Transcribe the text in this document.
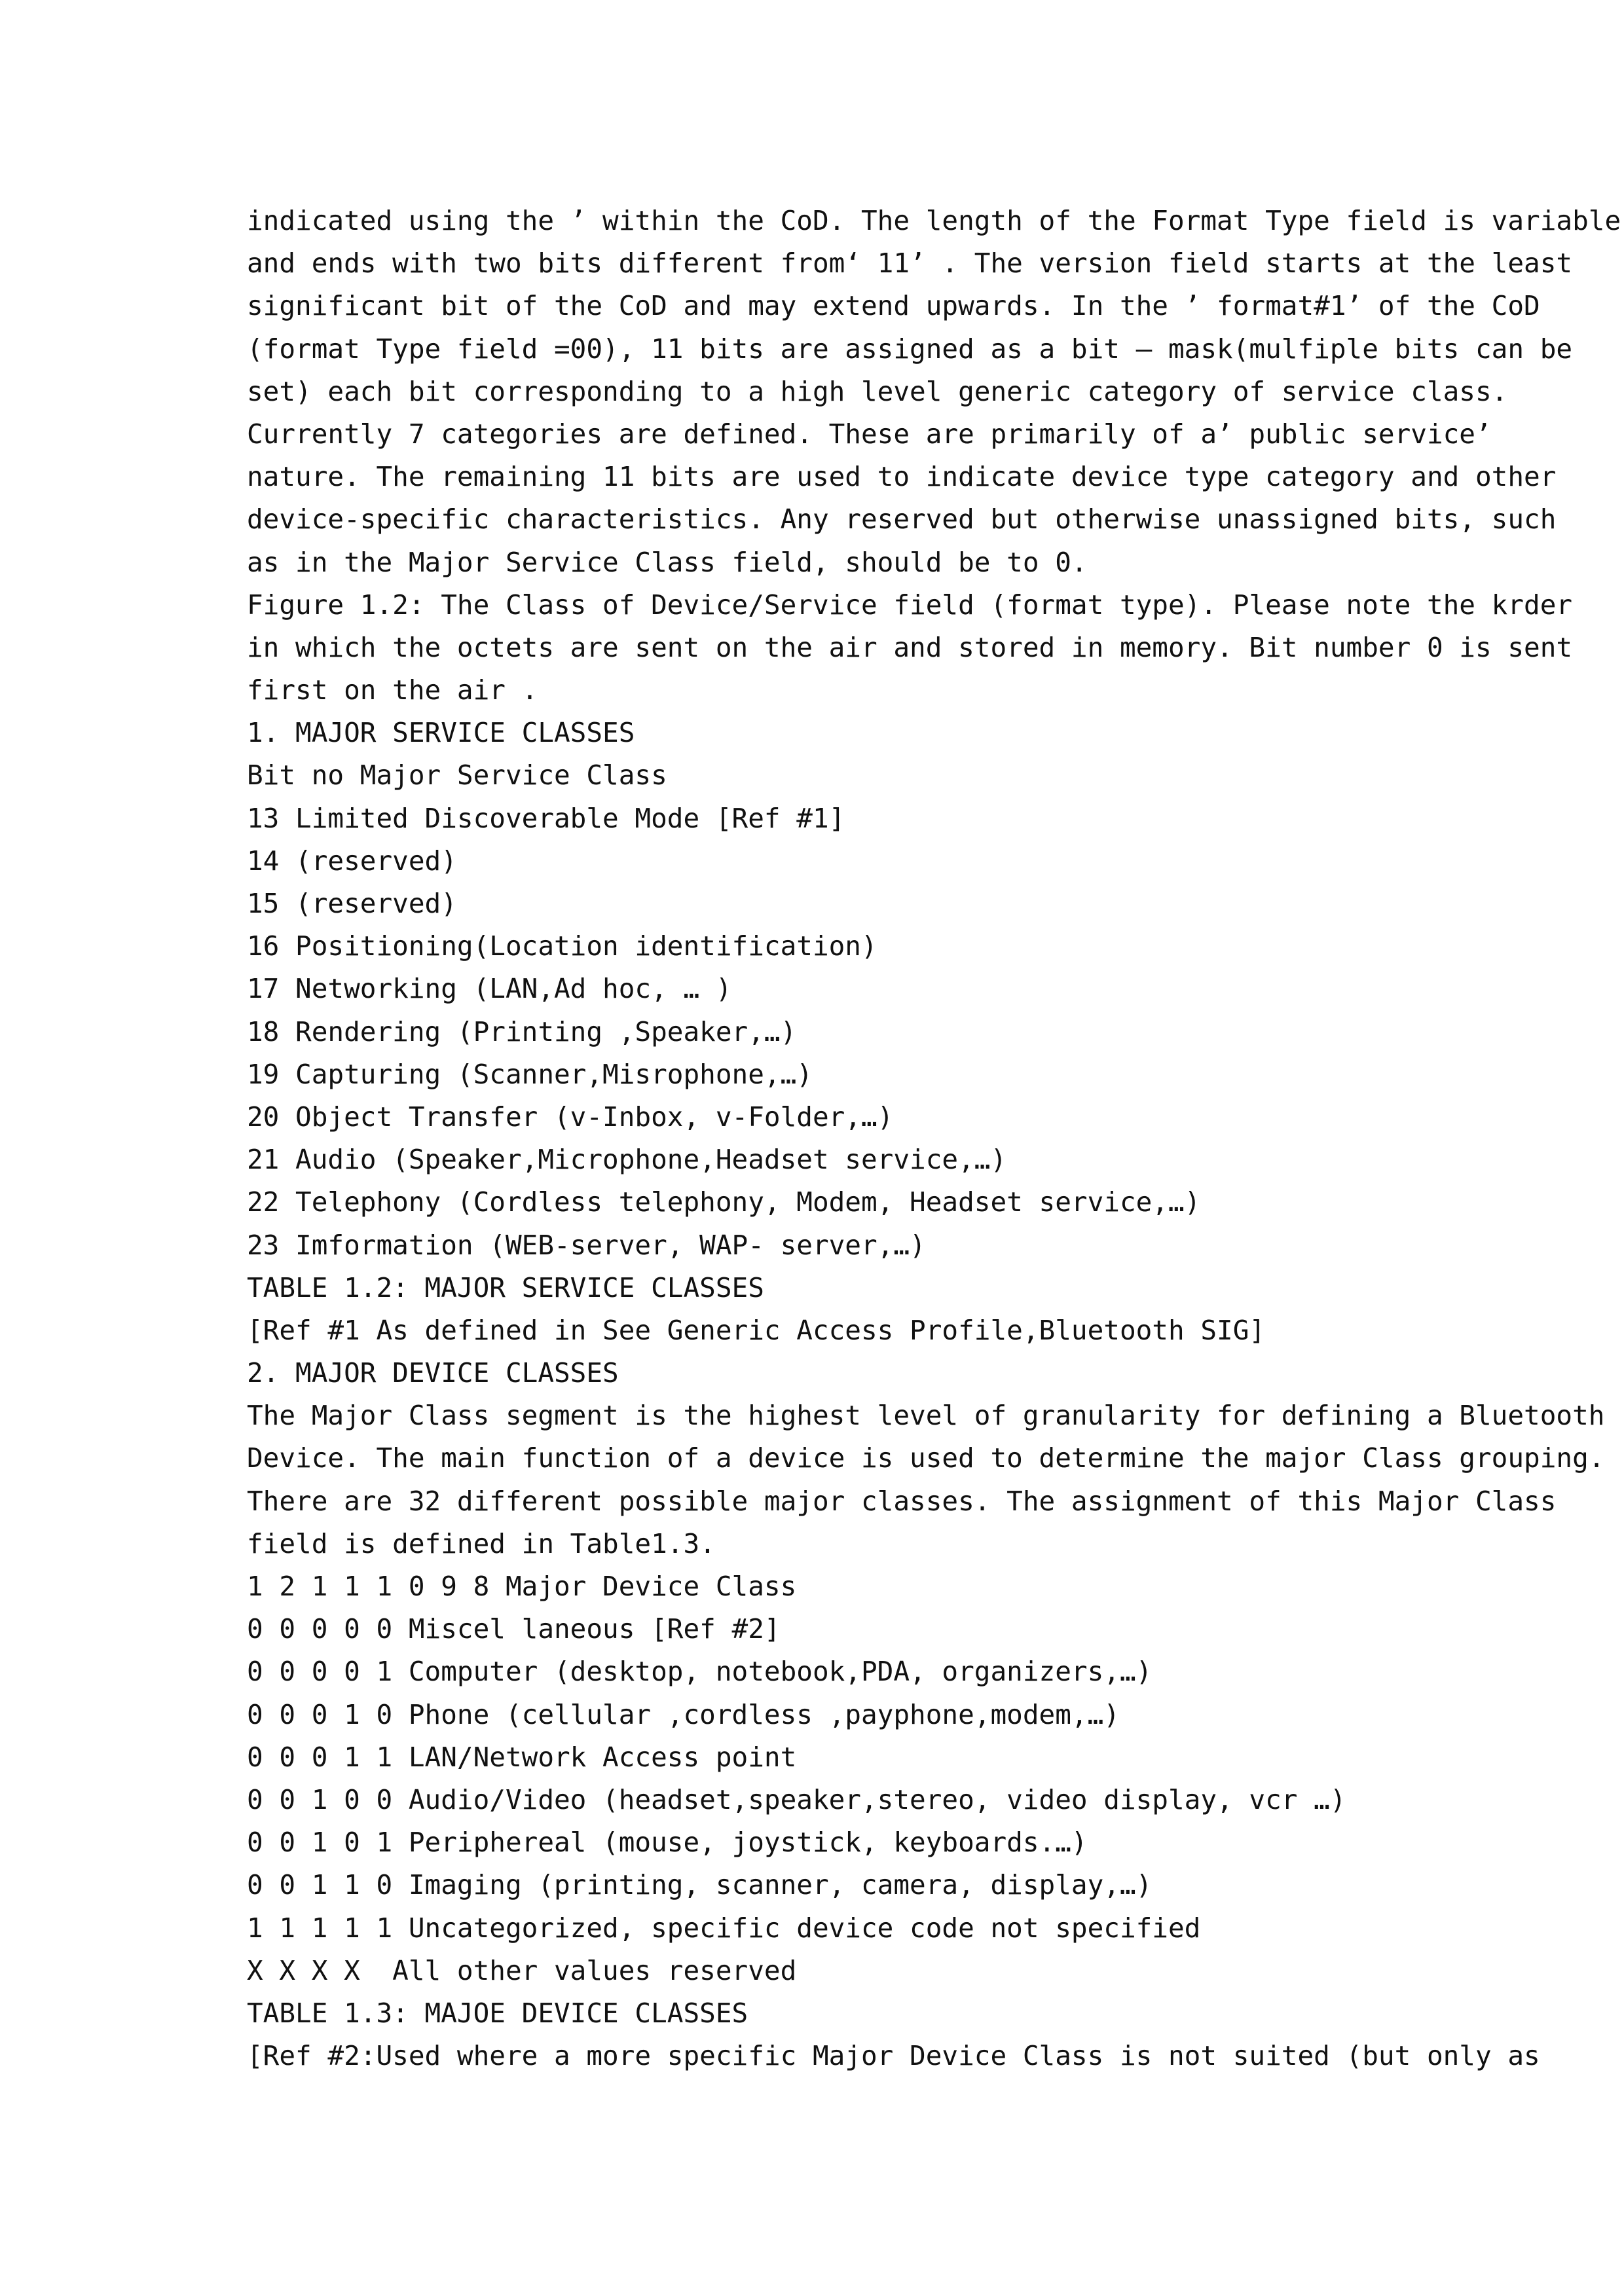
indicated using the ’ within the CoD. The length of the Format Type field is variable
and ends with two bits different from‘ 11’ . The version field starts at the least
significant bit of the CoD and may extend upwards. In the ’ format#1’ of the CoD
(format Type field =00), 11 bits are assigned as a bit – mask(mulfiple bits can be
set) each bit corresponding to a high level generic category of service class.
Currently 7 categories are defined. These are primarily of a’ public service’
nature. The remaining 11 bits are used to indicate device type category and other
device-specific characteristics. Any reserved but otherwise unassigned bits, such
as in the Major Service Class field, should be to 0.
Figure 1.2: The Class of Device/Service field (format type). Please note the krder
in which the octets are sent on the air and stored in memory. Bit number 0 is sent
first on the air .
1. MAJOR SERVICE CLASSES
Bit no Major Service Class
13 Limited Discoverable Mode [Ref #1]
14 (reserved)
15 (reserved)
16 Positioning(Location identification)
17 Networking (LAN,Ad hoc, … )
18 Rendering (Printing ,Speaker,…)
19 Capturing (Scanner,Misrophone,…)
20 Object Transfer (v-Inbox, v-Folder,…)
21 Audio (Speaker,Microphone,Headset service,…)
22 Telephony (Cordless telephony, Modem, Headset service,…)
23 Imformation (WEB-server, WAP- server,…)
TABLE 1.2: MAJOR SERVICE CLASSES
[Ref #1 As defined in See Generic Access Profile,Bluetooth SIG]
2. MAJOR DEVICE CLASSES
The Major Class segment is the highest level of granularity for defining a Bluetooth
Device. The main function of a device is used to determine the major Class grouping.
There are 32 different possible major classes. The assignment of this Major Class
field is defined in Table1.3.
1 2 1 1 1 0 9 8 Major Device Class
0 0 0 0 0 Miscel laneous [Ref #2]
0 0 0 0 1 Computer (desktop, notebook,PDA, organizers,…)
0 0 0 1 0 Phone (cellular ,cordless ,payphone,modem,…)
0 0 0 1 1 LAN/Network Access point
0 0 1 0 0 Audio/Video (headset,speaker,stereo, video display, vcr …)
0 0 1 0 1 Periphereal (mouse, joystick, keyboards.…)
0 0 1 1 0 Imaging (printing, scanner, camera, display,…)
1 1 1 1 1 Uncategorized, specific device code not specified
X X X X  All other values reserved
TABLE 1.3: MAJOE DEVICE CLASSES
[Ref #2:Used where a more specific Major Device Class is not suited (but only as
